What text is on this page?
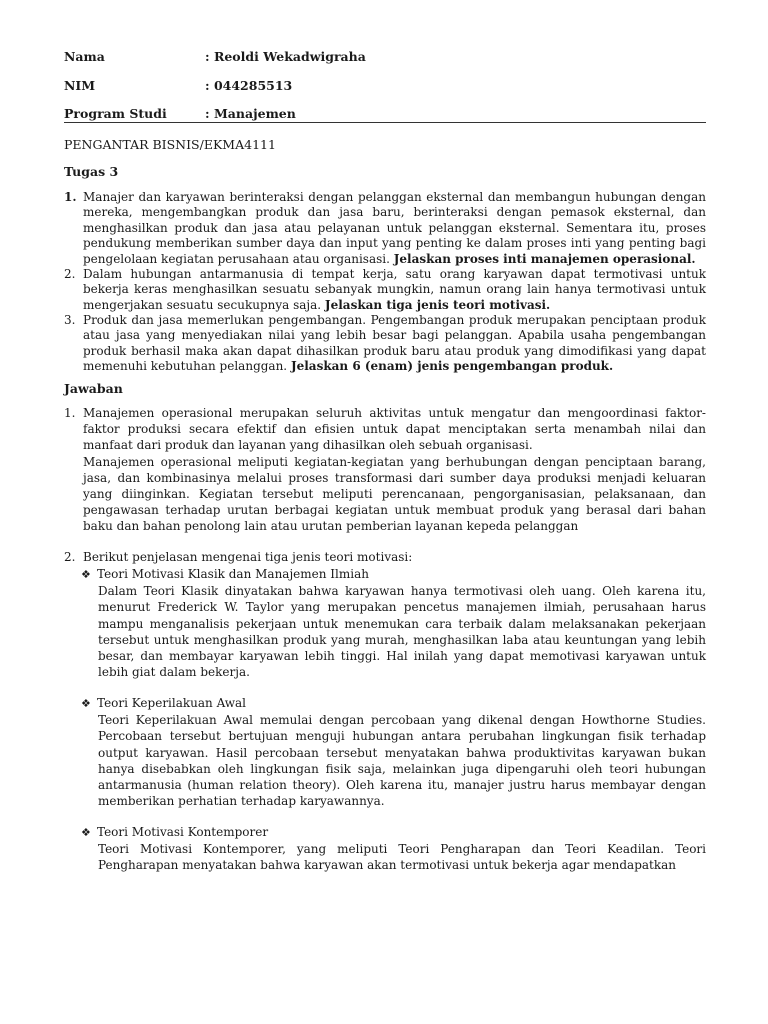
Nama	: Reoldi Wekadwigraha
NIM	: 044285513
Program Studi	: Manajemen
PENGANTAR BISNIS/EKMA4111
Tugas 3
1. Manajer dan karyawan berinteraksi dengan pelanggan eksternal dan membangun hubungan dengan mereka, mengembangkan produk dan jasa baru, berinteraksi dengan pemasok eksternal, dan menghasilkan produk dan jasa atau pelayanan untuk pelanggan eksternal. Sementara itu, proses pendukung memberikan sumber daya dan input yang penting ke dalam proses inti yang penting bagi pengelolaan kegiatan perusahaan atau organisasi. Jelaskan proses inti manajemen operasional.
2. Dalam hubungan antarmanusia di tempat kerja, satu orang karyawan dapat termotivasi untuk bekerja keras menghasilkan sesuatu sebanyak mungkin, namun orang lain hanya termotivasi untuk mengerjakan sesuatu secukupnya saja. Jelaskan tiga jenis teori motivasi.
3. Produk dan jasa memerlukan pengembangan. Pengembangan produk merupakan penciptaan produk atau jasa yang menyediakan nilai yang lebih besar bagi pelanggan. Apabila usaha pengembangan produk berhasil maka akan dapat dihasilkan produk baru atau produk yang dimodifikasi yang dapat memenuhi kebutuhan pelanggan. Jelaskan 6 (enam) jenis pengembangan produk.
Jawaban
1. Manajemen operasional merupakan seluruh aktivitas untuk mengatur dan mengoordinasi faktor-faktor produksi secara efektif dan efisien untuk dapat menciptakan serta menambah nilai dan manfaat dari produk dan layanan yang dihasilkan oleh sebuah organisasi.

Manajemen operasional meliputi kegiatan-kegiatan yang berhubungan dengan penciptaan barang, jasa, dan kombinasinya melalui proses transformasi dari sumber daya produksi menjadi keluaran yang diinginkan. Kegiatan tersebut meliputi perencanaan, pengorganisasian, pelaksanaan, dan pengawasan terhadap urutan berbagai kegiatan untuk membuat produk yang berasal dari bahan baku dan bahan penolong lain atau urutan pemberian layanan kepeda pelanggan

2. Berikut penjelasan mengenai tiga jenis teori motivasi:

❖ Teori Motivasi Klasik dan Manajemen Ilmiah
Dalam Teori Klasik dinyatakan bahwa karyawan hanya termotivasi oleh uang. Oleh karena itu, menurut Frederick W. Taylor yang merupakan pencetus manajemen ilmiah, perusahaan harus mampu menganalisis pekerjaan untuk menemukan cara terbaik dalam melaksanakan pekerjaan tersebut untuk menghasilkan produk yang murah, menghasilkan laba atau keuntungan yang lebih besar, dan membayar karyawan lebih tinggi. Hal inilah yang dapat memotivasi karyawan untuk lebih giat dalam bekerja.
❖ Teori Keperilakuan Awal
Teori Keperilakuan Awal memulai dengan percobaan yang dikenal dengan Howthorne Studies. Percobaan tersebut bertujuan menguji hubungan antara perubahan lingkungan fisik terhadap output karyawan. Hasil percobaan tersebut menyatakan bahwa produktivitas karyawan bukan hanya disebabkan oleh lingkungan fisik saja, melainkan juga dipengaruhi oleh teori hubungan antarmanusia (human relation theory). Oleh karena itu, manajer justru harus membayar dengan memberikan perhatian terhadap karyawannya.
❖ Teori Motivasi Kontemporer
Teori Motivasi Kontemporer, yang meliputi Teori Pengharapan dan Teori Keadilan. Teori Pengharapan menyatakan bahwa karyawan akan termotivasi untuk bekerja agar mendapatkan
